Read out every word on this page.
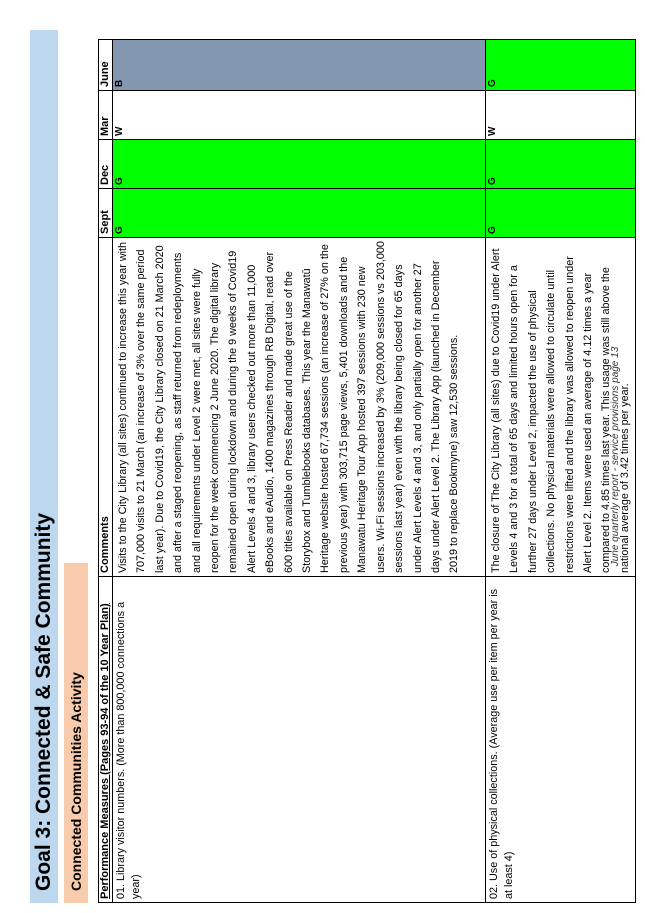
Goal 3: Connected & Safe Community Connected Communities Activity	Performance Measures (Pages 93-94 of the 10 Year Plan)	Comments	Sept	Dec	Mar	June
01. Library visitor numbers. (More than 800,000 connections a year)	Visits to the City Library (all sites) continued to increase this year with 707,000 visits to 21 March (an increase of 3% over the same period last year). Due to Covid19, the City Library closed on 21 March 2020 and after a staged reopening, as staff returned from redeployments and all requirements under Level 2 were met, all sites were fully reopen for the week commencing 2 June 2020. The digital library remained open during lockdown and during the 9 weeks of Covid19 Alert Levels 4 and 3, library users checked out more than 11,000 eBooks and eAudio, 1400 magazines through RB Digital, read over 600 titles available on Press Reader and made great use of the Storybox and Tumblebooks databases. This year the Manawatū Heritage website hosted 67,734 sessions (an increase of 27% on the previous year) with 303,715 page views, 5,401 downloads and the Manawatu Heritage Tour App hosted 397 sessions with 230 new users. Wi-Fi sessions increased by 3% (209,000 sessions vs 203,000 sessions last year) even with the library being closed for 65 days under Alert Levels 4 and 3, and only partially open for another 27 days under Alert Level 2. The Library App (launched in December 2019 to replace Bookmyne) saw 12,530 sessions.	G	G	W	B
02. Use of physical collections. (Average use per item per year is at least 4)	The closure of The City Library (all sites) due to Covid19 under Alert Levels 4 and 3 for a total of 65 days and limited hours open for a further 27 days under Level 2, impacted the use of physical collections. No physical materials were allowed to circulate until restrictions were lifted and the library was allowed to reopen under Alert Level 2. Items were used an average of 4.12 times a year compared to 4.85 times last year. This usage was still above the national average of 3.42 times per year.	G	G	W	G
June quarterly report - service provisions page 13
